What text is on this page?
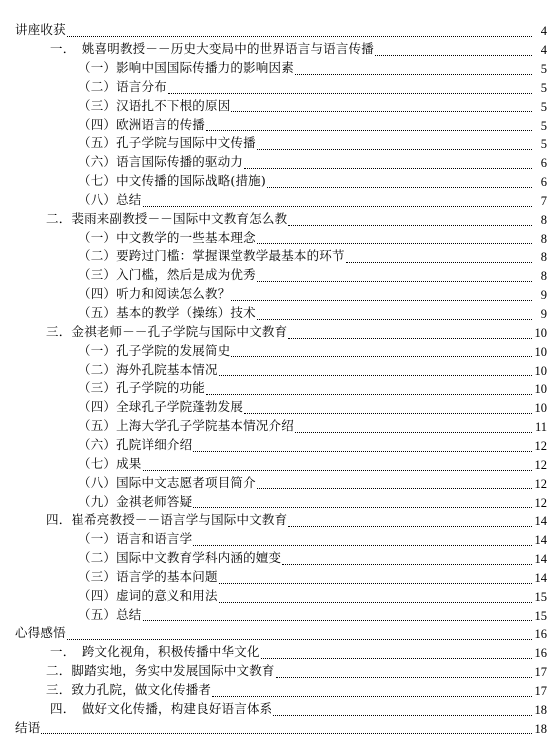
讲座收获	4
一．　姚喜明教授－－历史大变局中的世界语言与语言传播	4
（一）影响中国国际传播力的影响因素	5
（二）语言分布	5
（三）汉语扎不下根的原因	5
（四）欧洲语言的传播	5
（五）孔子学院与国际中文传播	5
（六）语言国际传播的驱动力	6
（七）中文传播的国际战略(措施)	6
（八）总结	7
二．裴雨来副教授－－国际中文教育怎么教	8
（一）中文教学的一些基本理念	8
（二）要跨过门槛：掌握课堂教学最基本的环节	8
（三）入门槛，然后是成为优秀	8
（四）听力和阅读怎么教？	9
（五）基本的教学（操练）技术	9
三．金祺老师－－孔子学院与国际中文教育	10
（一）孔子学院的发展简史	10
（二）海外孔院基本情况	10
（三）孔子学院的功能	10
（四）全球孔子学院蓬勃发展	10
（五）上海大学孔子学院基本情况介绍	11
（六）孔院详细介绍	12
（七）成果	12
（八）国际中文志愿者项目简介	12
（九）金祺老师答疑	12
四．崔希亮教授－－语言学与国际中文教育	14
（一）语言和语言学	14
（二）国际中文教育学科内涵的嬗变	14
（三）语言学的基本问题	14
（四）虚词的意义和用法	15
（五）总结	15
心得感悟	16
一．　跨文化视角，积极传播中华文化	16
二．脚踏实地，务实中发展国际中文教育	17
三．致力孔院，做文化传播者	17
四．　做好文化传播，构建良好语言体系	18
结语	18
